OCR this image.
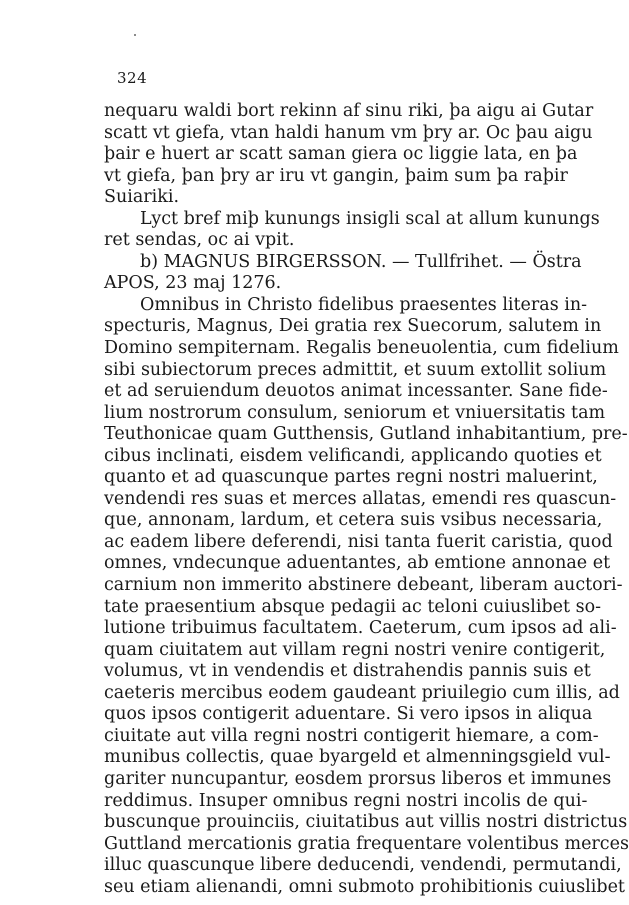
324
nequaru waldi bort rekinn af sinu riki, þa aigu ai Gutar
scatt vt giefa, vtan haldi hanum vm þry ar. Oc þau aigu
þair e huert ar scatt saman giera oc liggie lata, en þa
vt giefa, þan þry ar iru vt gangin, þaim sum þa raþir
Suiariki.
Lyct bref miþ kunungs insigli scal at allum kunungs
ret sendas, oc ai vpit.
b) MAGNUS BIRGERSSON. — Tullfrihet. — Östra
APOS, 23 maj 1276.
Omnibus in Christo fidelibus praesentes literas in-
specturis, Magnus, Dei gratia rex Suecorum, salutem in
Domino sempiternam. Regalis beneuolentia, cum fidelium
sibi subiectorum preces admittit, et suum extollit solium
et ad seruiendum deuotos animat incessanter. Sane fide-
lium nostrorum consulum, seniorum et vniuersitatis tam
Teuthonicae quam Gutthensis, Gutland inhabitantium, pre-
cibus inclinati, eisdem velificandi, applicando quoties et
quanto et ad quascunque partes regni nostri maluerint,
vendendi res suas et merces allatas, emendi res quascun-
que, annonam, lardum, et cetera suis vsibus necessaria,
ac eadem libere deferendi, nisi tanta fuerit caristia, quod
omnes, vndecunque aduentantes, ab emtione annonae et
carnium non immerito abstinere debeant, liberam auctori-
tate praesentium absque pedagii ac teloni cuiuslibet so-
lutione tribuimus facultatem. Caeterum, cum ipsos ad ali-
quam ciuitatem aut villam regni nostri venire contigerit,
volumus, vt in vendendis et distrahendis pannis suis et
caeteris mercibus eodem gaudeant priuilegio cum illis, ad
quos ipsos contigerit aduentare. Si vero ipsos in aliqua
ciuitate aut villa regni nostri contigerit hiemare, a com-
munibus collectis, quae byargeld et almenningsgield vul-
gariter nuncupantur, eosdem prorsus liberos et immunes
reddimus. Insuper omnibus regni nostri incolis de qui-
buscunque prouinciis, ciuitatibus aut villis nostri districtus
Guttland mercationis gratia frequentare volentibus merces
illuc quascunque libere deducendi, vendendi, permutandi,
seu etiam alienandi, omni submoto prohibitionis cuiuslibet
